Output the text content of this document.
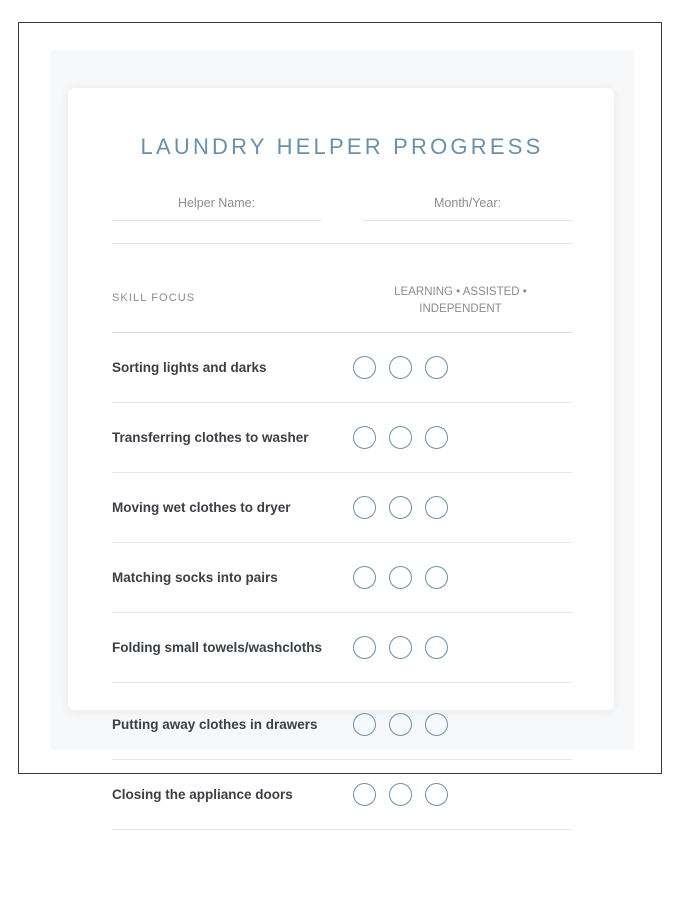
LAUNDRY HELPER PROGRESS
Helper Name:	Month/Year:
SKILL FOCUS	LEARNING • ASSISTED • INDEPENDENT
Sorting lights and darks
Transferring clothes to washer
Moving wet clothes to dryer
Matching socks into pairs
Folding small towels/washcloths
Putting away clothes in drawers
Closing the appliance doors
